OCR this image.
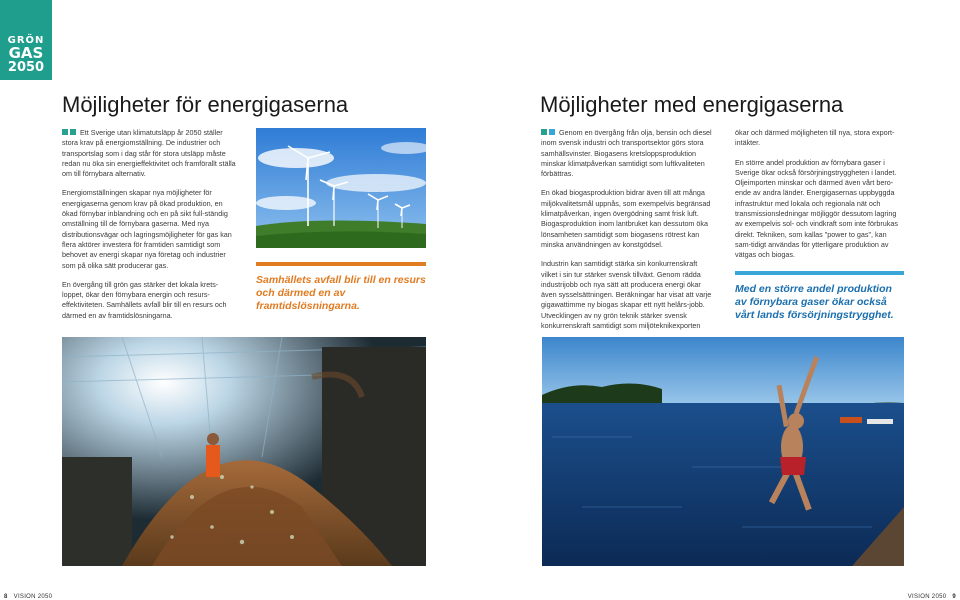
GRÖN
GAS
2050
Möjligheter för energigaserna

Ett Sverige utan klimatutsläpp år 2050 ställer stora krav på energiomställning. De industrier och transportslag som i dag står för stora utsläpp måste redan nu öka sin energieffektivitet och framförallt ställa om till förnybara alternativ.

Energiomställningen skapar nya möjligheter för energigaserna genom krav på ökad produktion, en ökad förnybar inblandning och en på sikt full-ständig omställning till de förnybara gaserna. Med nya distributionsvägar och lagringsmöjligheter för gas kan flera aktörer investera för framtiden samtidigt som behovet av energi skapar nya företag och industrier som på olika sätt producerar gas.

En övergång till grön gas stärker det lokala krets-loppet, ökar den förnybara energin och resurs-effektiviteten. Samhällets avfall blir till en resurs och därmed en av framtidslösningarna.

Samhällets avfall blir till en resurs och därmed en av framtidslösningarna.
Möjligheter med energigaserna

Genom en övergång från olja, bensin och diesel inom svensk industri och transportsektor görs stora samhällsvinster. Biogasens kretsloppsproduktion minskar klimatpåverkan samtidigt som luftkvaliteten förbättras.

En ökad biogasproduktion bidrar även till att många miljökvalitetsmål uppnås, som exempelvis begränsad klimatpåverkan, ingen övergödning samt frisk luft. Biogasproduktion inom lantbruket kan dessutom öka lönsamheten samtidigt som biogasens rötrest kan minska användningen av konstgödsel.

Industrin kan samtidigt stärka sin konkurrenskraft vilket i sin tur stärker svensk tillväxt. Genom rädda industrijobb och nya sätt att producera energi ökar även sysselsättningen. Beräkningar har visat att varje gigawattimme ny biogas skapar ett nytt helårs-jobb. Utvecklingen av ny grön teknik stärker svensk konkurrenskraft samtidigt som miljöteknikexporten

ökar och därmed möjligheten till nya, stora export-intäkter.

En större andel produktion av förnybara gaser i Sverige ökar också försörjningstryggheten i landet. Oljeimporten minskar och därmed även vårt bero-ende av andra länder. Energigasernas uppbyggda infrastruktur med lokala och regionala nät och transmissionsledningar möjliggör dessutom lagring av exempelvis sol- och vindkraft som inte förbrukas direkt. Tekniken, som kallas "power to gas", kan sam-tidigt användas för ytterligare produktion av vätgas och biogas.

Med en större andel produktion av förnybara gaser ökar också vårt lands försörjningstrygghet.
8 VISION 2050	VISION 2050 9
